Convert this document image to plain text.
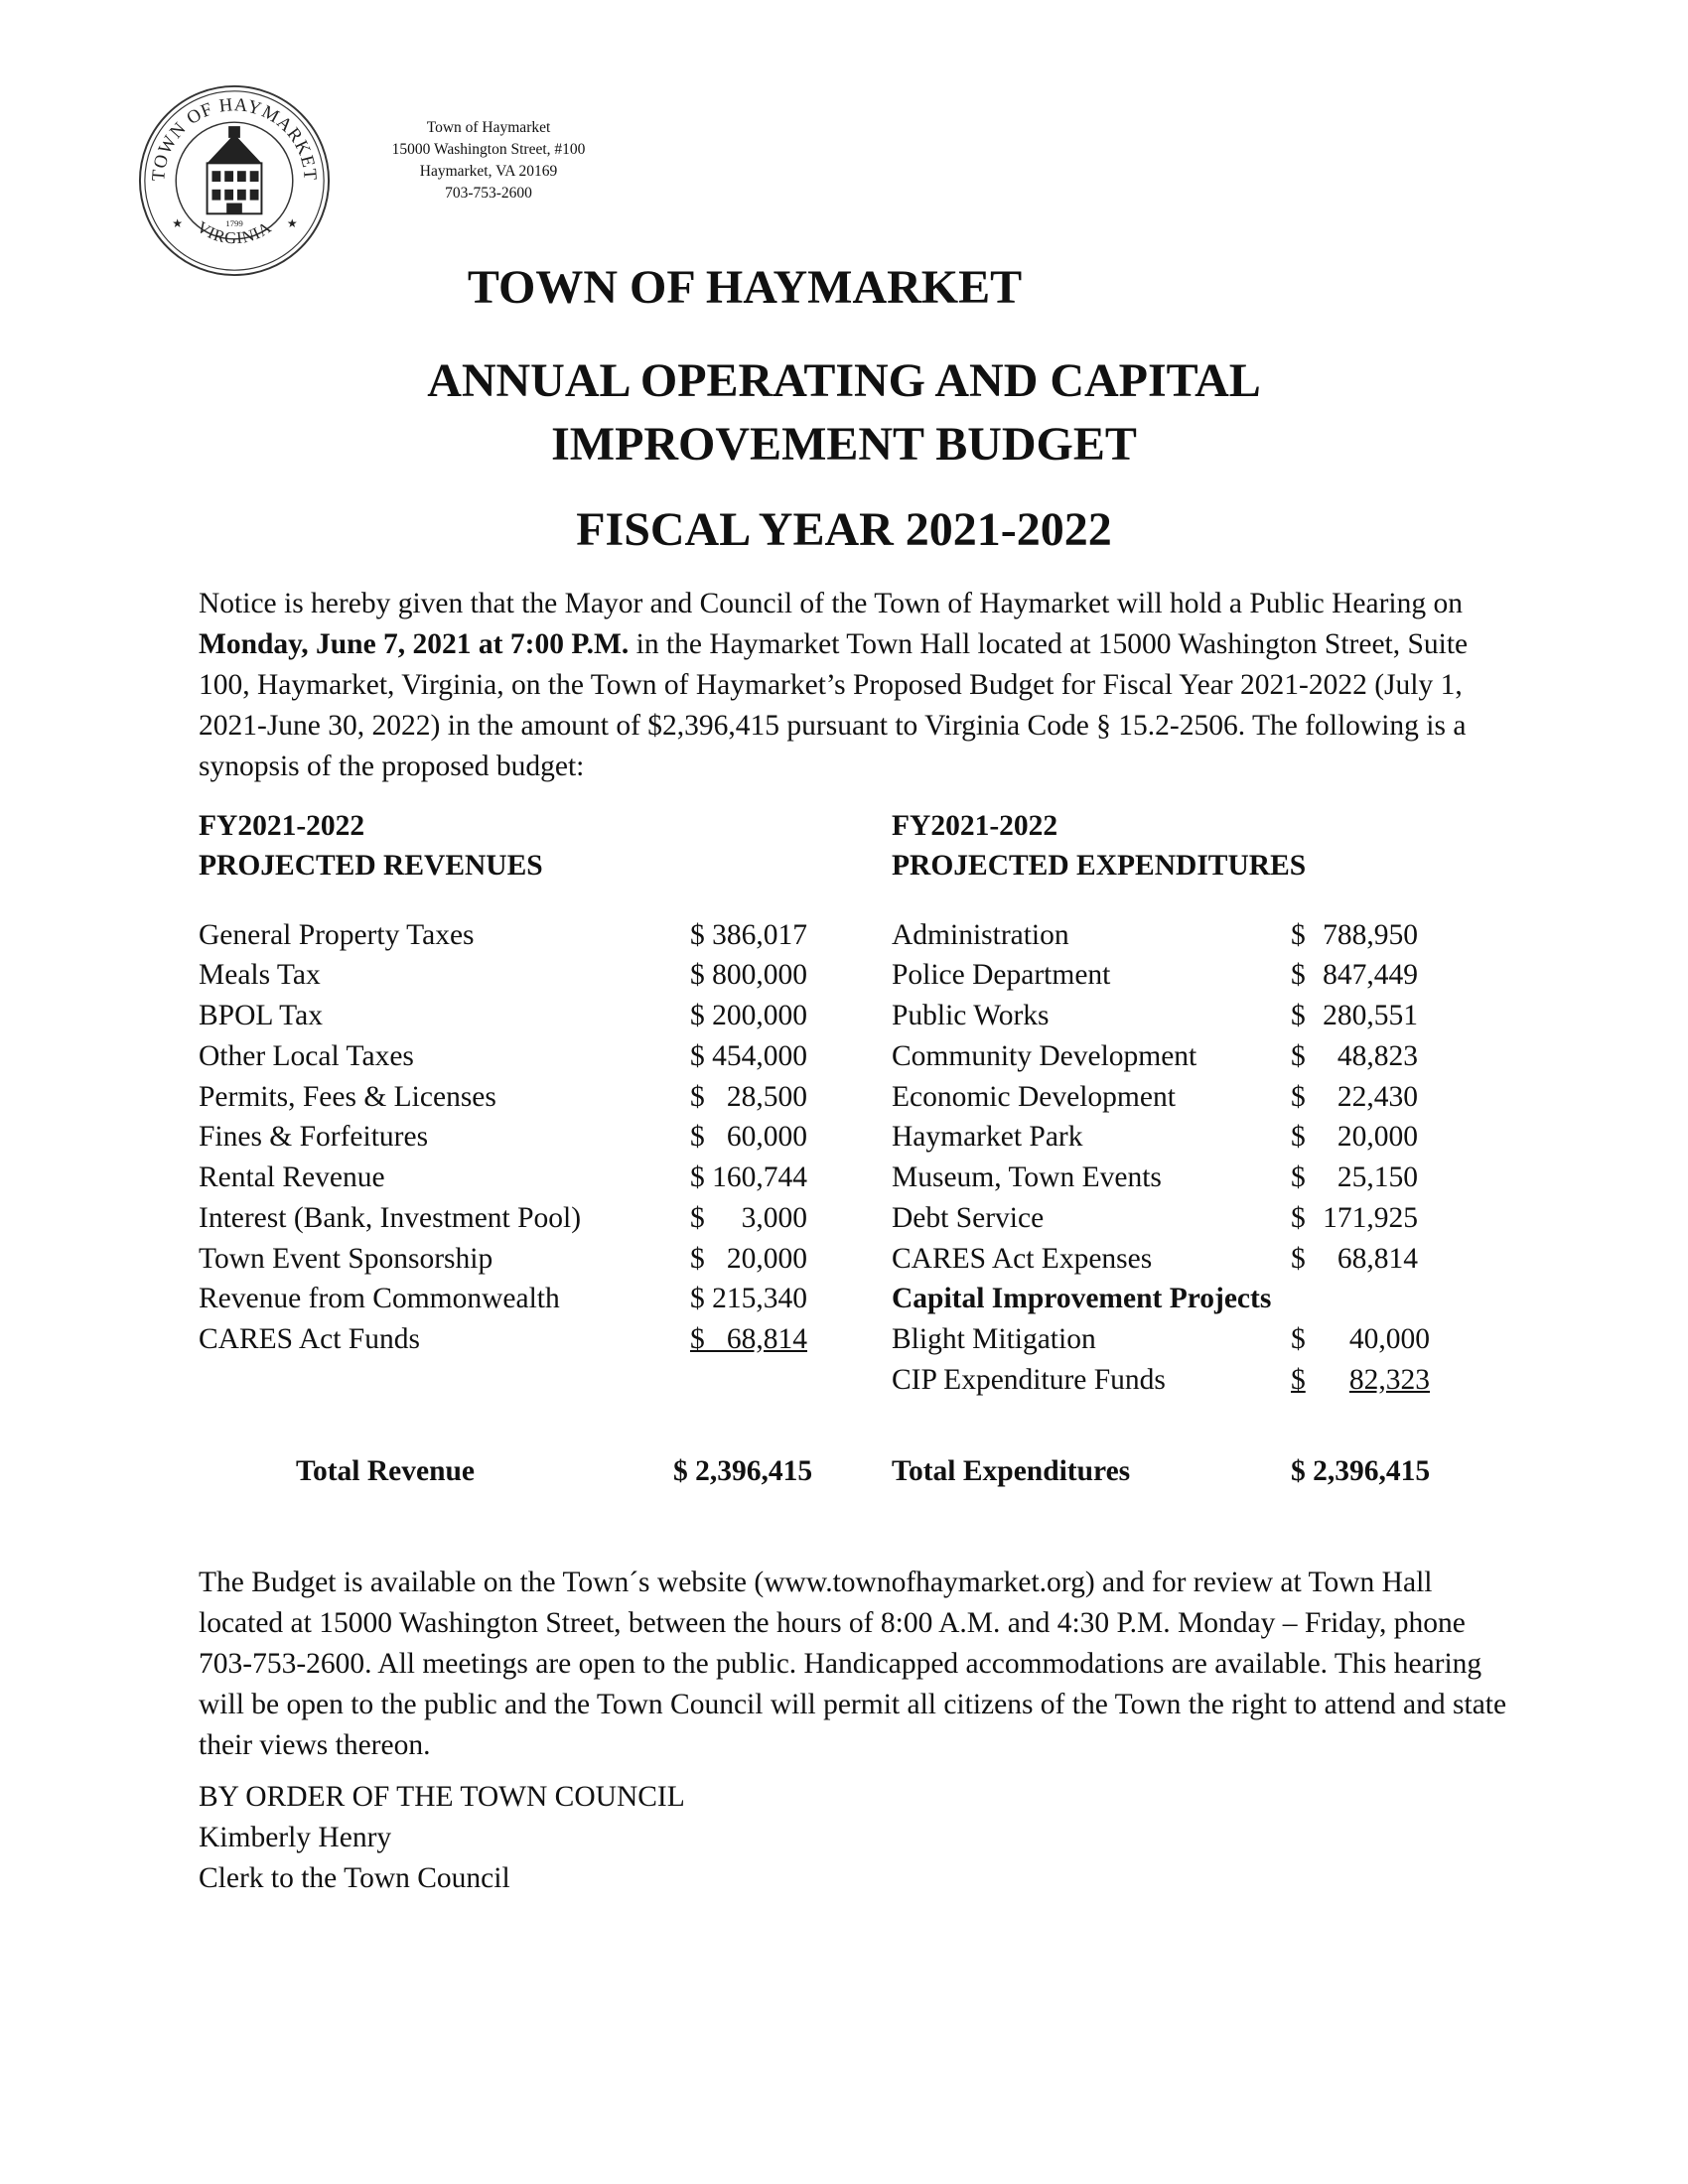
TOWN OF HAYMARKET
VIRGINIA
1799
★	★
Town of Haymarket
15000 Washington Street, #100
Haymarket, VA 20169
703-753-2600
TOWN OF HAYMARKET
ANNUAL OPERATING AND CAPITAL
IMPROVEMENT BUDGET
FISCAL YEAR 2021-2022
Notice is hereby given that the Mayor and Council of the Town of Haymarket will hold a Public Hearing on Monday, June 7, 2021 at 7:00 P.M. in the Haymarket Town Hall located at 15000 Washington Street, Suite 100, Haymarket, Virginia, on the Town of Haymarket’s Proposed Budget for Fiscal Year 2021-2022 (July 1, 2021-June 30, 2022) in the amount of $2,396,415 pursuant to Virginia Code § 15.2-2506. The following is a synopsis of the proposed budget:
FY2021-2022
PROJECTED REVENUES
FY2021-2022
PROJECTED EXPENDITURES
General Property Taxes	$ 386,017
Meals Tax	$ 800,000
BPOL Tax	$ 200,000
Other Local Taxes	$ 454,000
Permits, Fees & Licenses	$   28,500
Fines & Forfeitures	$   60,000
Rental Revenue	$ 160,744
Interest (Bank, Investment Pool)	$     3,000
Town Event Sponsorship	$   20,000
Revenue from Commonwealth	$ 215,340
CARES Act Funds	$   68,814
Administration	$ 788,950
Police Department	$ 847,449
Public Works	$ 280,551
Community Development	$	48,823
Economic Development	$	22,430
Haymarket Park	$	20,000
Museum, Town Events	$	25,150
Debt Service	$ 171,925
CARES Act Expenses	$	68,814
Capital Improvement Projects
Blight Mitigation	$	40,000
CIP Expenditure Funds	$	82,323
Total Revenue	$ 2,396,415	Total Expenditures	$ 2,396,415
The Budget is available on the Town´s website (www.townofhaymarket.org) and for review at Town Hall located at 15000 Washington Street, between the hours of 8:00 A.M. and 4:30 P.M. Monday – Friday, phone 703-753-2600. All meetings are open to the public. Handicapped accommodations are available. This hearing will be open to the public and the Town Council will permit all citizens of the Town the right to attend and state their views thereon.
BY ORDER OF THE TOWN COUNCIL
Kimberly Henry
Clerk to the Town Council
